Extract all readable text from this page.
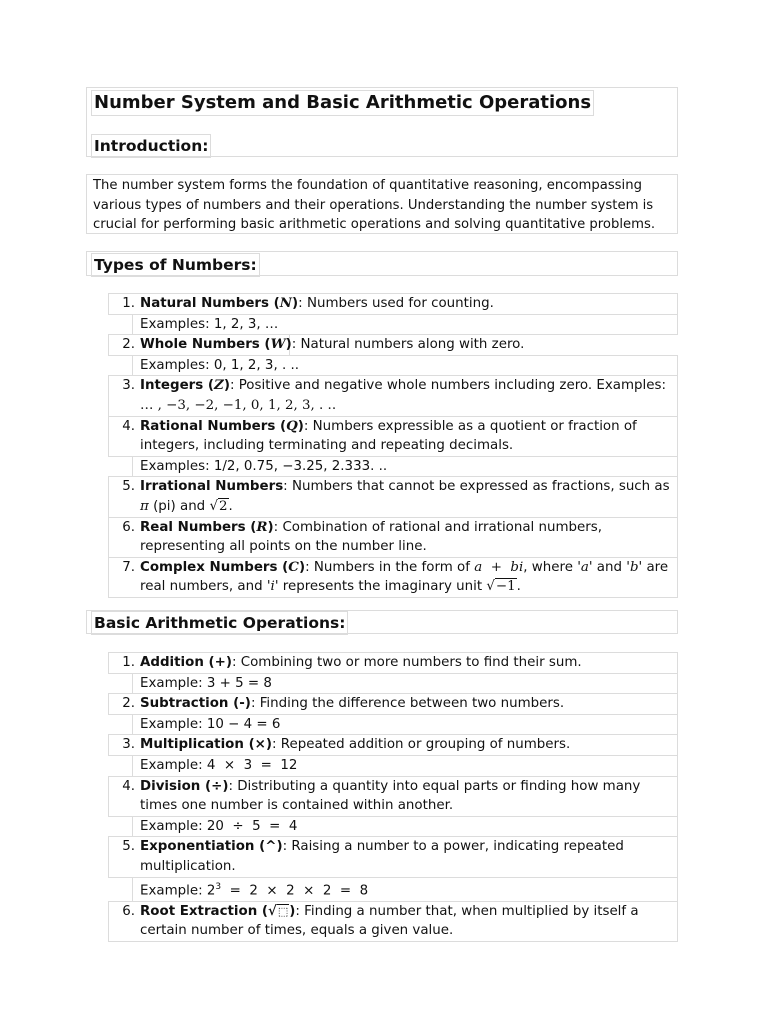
Number System and Basic Arithmetic Operations
Introduction:
The number system forms the foundation of quantitative reasoning, encompassing various types of numbers and their operations. Understanding the number system is crucial for performing basic arithmetic operations and solving quantitative problems.
Types of Numbers:
1. Natural Numbers (N): Numbers used for counting.
Examples: 1, 2, 3, …
2. Whole Numbers (W): Natural numbers along with zero.
Examples: 0, 1, 2, 3, . ..
3. Integers (Z): Positive and negative whole numbers including zero. Examples:
… , −3, −2, −1, 0, 1, 2, 3, . ..
4. Rational Numbers (Q): Numbers expressible as a quotient or fraction of integers, including terminating and repeating decimals.
Examples: 1/2, 0.75, −3.25, 2.333. ..
5. Irrational Numbers: Numbers that cannot be expressed as fractions, such as
π (pi) and √2.
6. Real Numbers (R): Combination of rational and irrational numbers, representing all points on the number line.
7. Complex Numbers (C): Numbers in the form of a  +  bi, where 'a' and 'b' are real numbers, and 'i' represents the imaginary unit √−1.
Basic Arithmetic Operations:
1. Addition (+): Combining two or more numbers to find their sum.
Example: 3 + 5 = 8
2. Subtraction (-): Finding the difference between two numbers.
Example: 10 − 4 = 6
3. Multiplication (×): Repeated addition or grouping of numbers.
Example: 4  ×  3  =  12
4. Division (÷): Distributing a quantity into equal parts or finding how many times one number is contained within another.
Example: 20  ÷  5  =  4
5. Exponentiation (^): Raising a number to a power, indicating repeated multiplication.
Example: $2^3 = 2 \times 2 \times 2 = 8$
6. Root Extraction (√⬚): Finding a number that, when multiplied by itself a certain number of times, equals a given value.
